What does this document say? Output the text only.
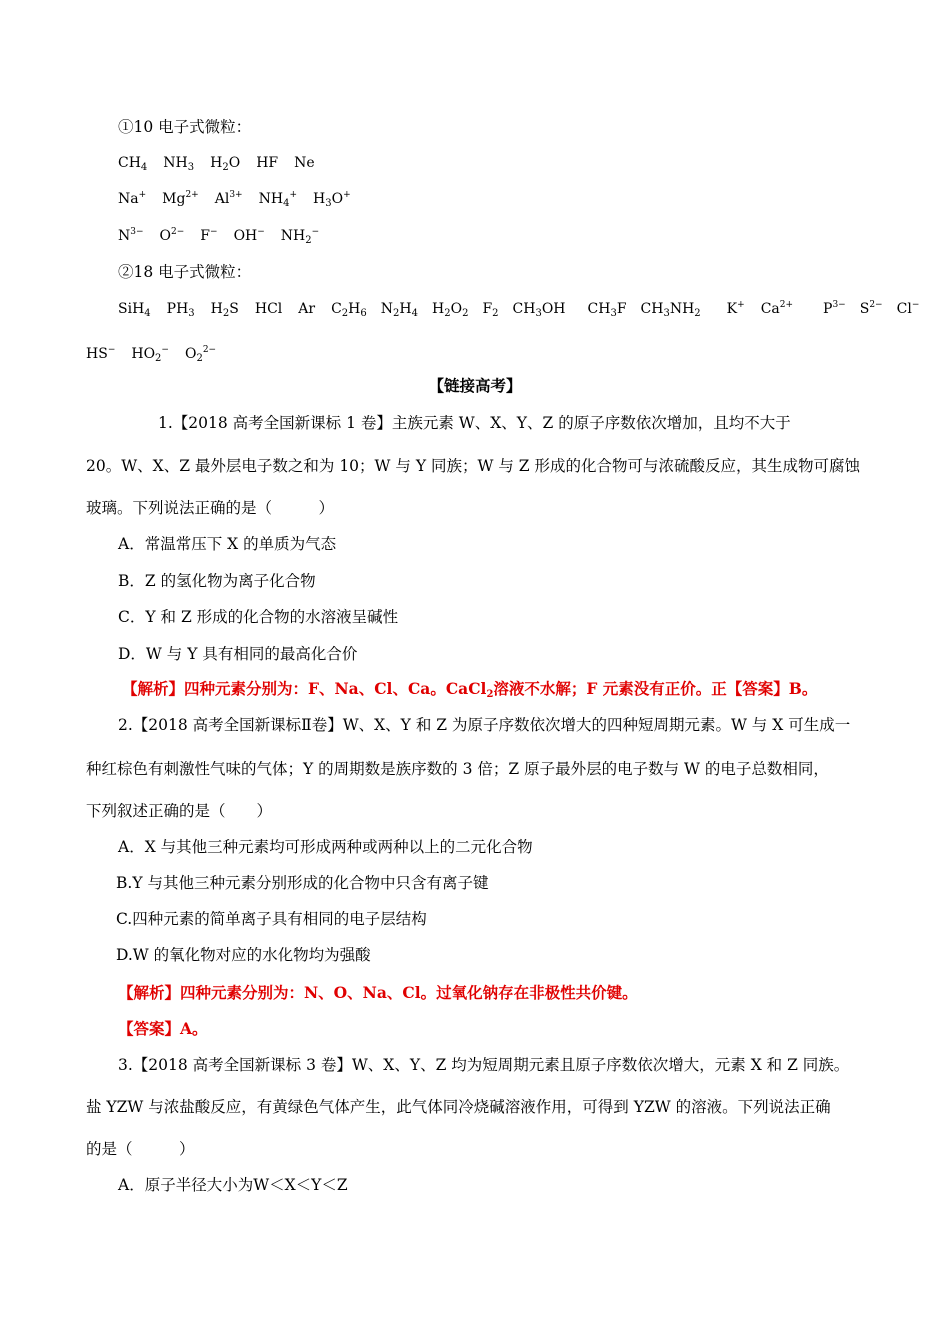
①10 电子式微粒：
$CH_4$ $NH_3$ $H_2O$ HF Ne
Na+ $Mg^{2+}$ $Al^{3+}$ $NH_4^+$ $H_3O^+$
$N^{3-}$ $O^{2-}$ F− OH− $NH_2^-$
②18 电子式微粒：
SiH$_4$ $PH_3$ $H_2S$ HCl Ar $C_2H_6$ $N_2H_4$ $H_2O_2$ $F_2$ $CH_3OH$ $CH_3F$ $CH_3NH_2$ K+ $Ca^{2+}$ $P^{3-}$ $S^{2-}$ Cl−
HS− $HO_2^-$ $O_2^{2-}$
【链接高考】
1.【2018 高考全国新课标 1 卷】主族元素 W、X、Y、Z 的原子序数依次增加，且均不大于
20。W、X、Z 最外层电子数之和为 10；W 与 Y 同族；W 与 Z 形成的化合物可与浓硫酸反应，其生成物可腐蚀
玻璃。下列说法正确的是（　　　）
A．常温常压下 X 的单质为气态
B．Z 的氢化物为离子化合物
C．Y 和 Z 形成的化合物的水溶液呈碱性
D．W 与 Y 具有相同的最高化合价
【解析】四种元素分别为：F、Na、Cl、Ca。CaCl$_2$溶液不水解；F 元素没有正价。正【答案】B。
2.【2018 高考全国新课标Ⅱ卷】W、X、Y 和 Z 为原子序数依次增大的四种短周期元素。W 与 X 可生成一
种红棕色有刺激性气味的气体；Y 的周期数是族序数的 3 倍；Z 原子最外层的电子数与 W 的电子总数相同，
下列叙述正确的是（　　）
A．X 与其他三种元素均可形成两种或两种以上的二元化合物
B.Y 与其他三种元素分别形成的化合物中只含有离子键
C.四种元素的简单离子具有相同的电子层结构
D.W 的氧化物对应的水化物均为强酸
【解析】四种元素分别为：N、O、Na、Cl。过氧化钠存在非极性共价键。
【答案】A。
3.【2018 高考全国新课标 3 卷】W、X、Y、Z 均为短周期元素且原子序数依次增大，元素 X 和 Z 同族。
盐 YZW 与浓盐酸反应，有黄绿色气体产生，此气体同冷烧碱溶液作用，可得到 YZW 的溶液。下列说法正确
的是（　　　）
A．原子半径大小为W＜X＜Y＜Z
